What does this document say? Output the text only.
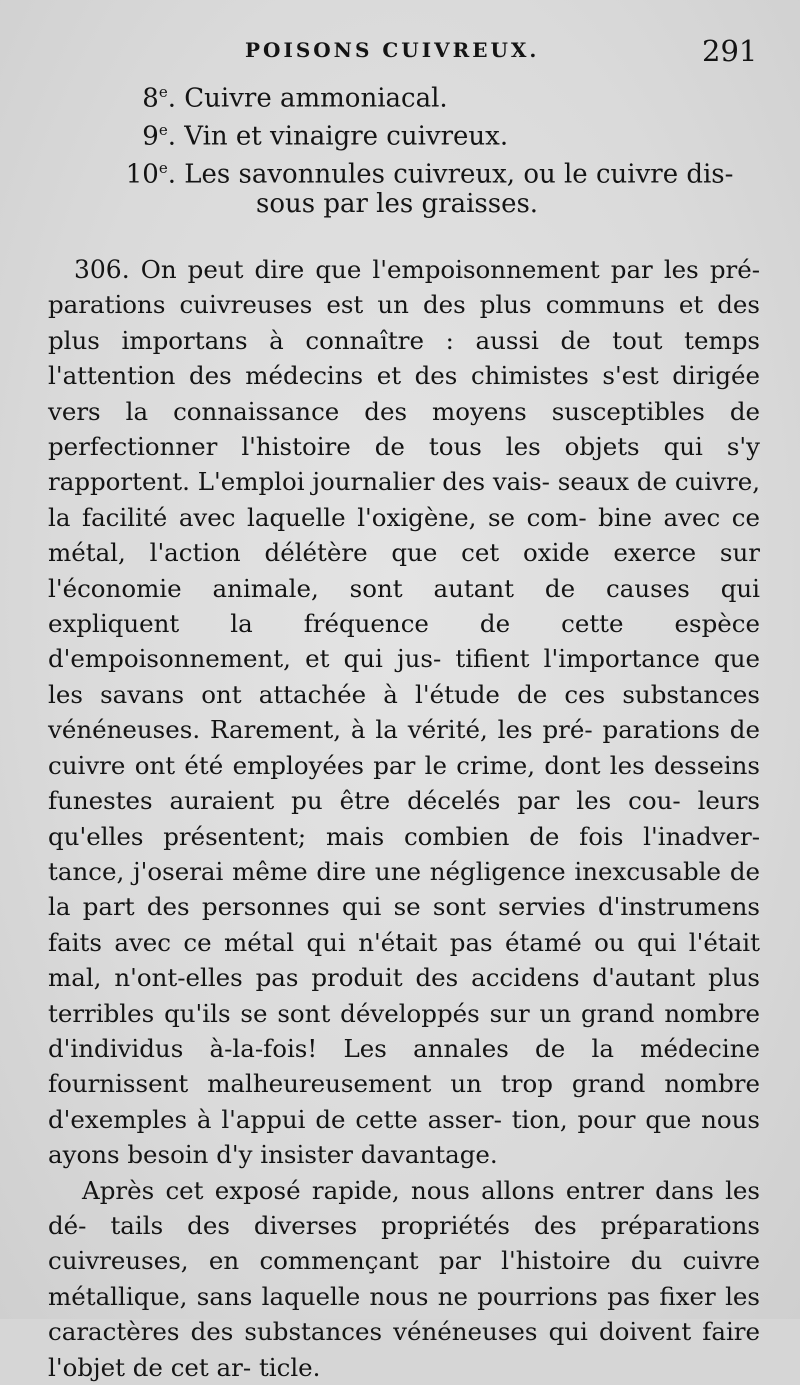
POISONS CUIVREUX.	291
8e. Cuivre ammoniacal.
9e. Vin et vinaigre cuivreux.
10e. Les savonnules cuivreux, ou le cuivre dis-
sous par les graisses.

306. On peut dire que l'empoisonnement par les pré- parations cuivreuses est un des plus communs et des plus importans à connaître : aussi de tout temps l'attention des médecins et des chimistes s'est dirigée vers la connaissance des moyens susceptibles de perfectionner l'histoire de tous les objets qui s'y rapportent. L'emploi journalier des vais- seaux de cuivre, la facilité avec laquelle l'oxigène, se com- bine avec ce métal, l'action délétère que cet oxide exerce sur l'économie animale, sont autant de causes qui expliquent la fréquence de cette espèce d'empoisonnement, et qui jus- tifient l'importance que les savans ont attachée à l'étude de ces substances vénéneuses. Rarement, à la vérité, les pré- parations de cuivre ont été employées par le crime, dont les desseins funestes auraient pu être décelés par les cou- leurs qu'elles présentent; mais combien de fois l'inadver- tance, j'oserai même dire une négligence inexcusable de la part des personnes qui se sont servies d'instrumens faits avec ce métal qui n'était pas étamé ou qui l'était mal, n'ont-elles pas produit des accidens d'autant plus terribles qu'ils se sont développés sur un grand nombre d'individus à-la-fois! Les annales de la médecine fournissent malheureusement un trop grand nombre d'exemples à l'appui de cette asser- tion, pour que nous ayons besoin d'y insister davantage.

Après cet exposé rapide, nous allons entrer dans les dé- tails des diverses propriétés des préparations cuivreuses, en commençant par l'histoire du cuivre métallique, sans laquelle nous ne pourrions pas fixer les caractères des substances vénéneuses qui doivent faire l'objet de cet ar- ticle.
